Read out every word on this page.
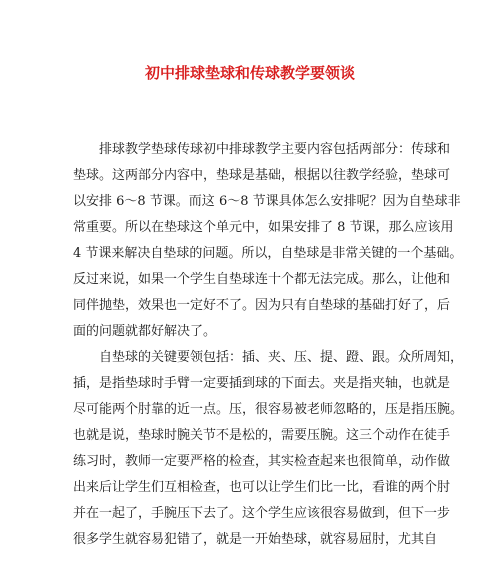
初中排球垫球和传球教学要领谈
排球教学垫球传球初中排球教学主要内容包括两部分：传球和
垫球。这两部分内容中，垫球是基础，根据以往教学经验，垫球可
以安排 6～8 节课。而这 6～8 节课具体怎么安排呢？因为自垫球非
常重要。所以在垫球这个单元中，如果安排了 8 节课，那么应该用
4 节课来解决自垫球的问题。所以，自垫球是非常关键的一个基础。
反过来说，如果一个学生自垫球连十个都无法完成。那么，让他和
同伴抛垫，效果也一定好不了。因为只有自垫球的基础打好了，后
面的问题就都好解决了。
自垫球的关键要领包括：插、夹、压、提、蹬、跟。众所周知，
插，是指垫球时手臂一定要插到球的下面去。夹是指夹轴，也就是
尽可能两个肘靠的近一点。压，很容易被老师忽略的，压是指压腕。
也就是说，垫球时腕关节不是松的，需要压腕。这三个动作在徒手
练习时，教师一定要严格的检查，其实检查起来也很简单，动作做
出来后让学生们互相检查，也可以让学生们比一比，看谁的两个肘
并在一起了，手腕压下去了。这个学生应该很容易做到，但下一步
很多学生就容易犯错了，就是一开始垫球，就容易屈肘，尤其自
